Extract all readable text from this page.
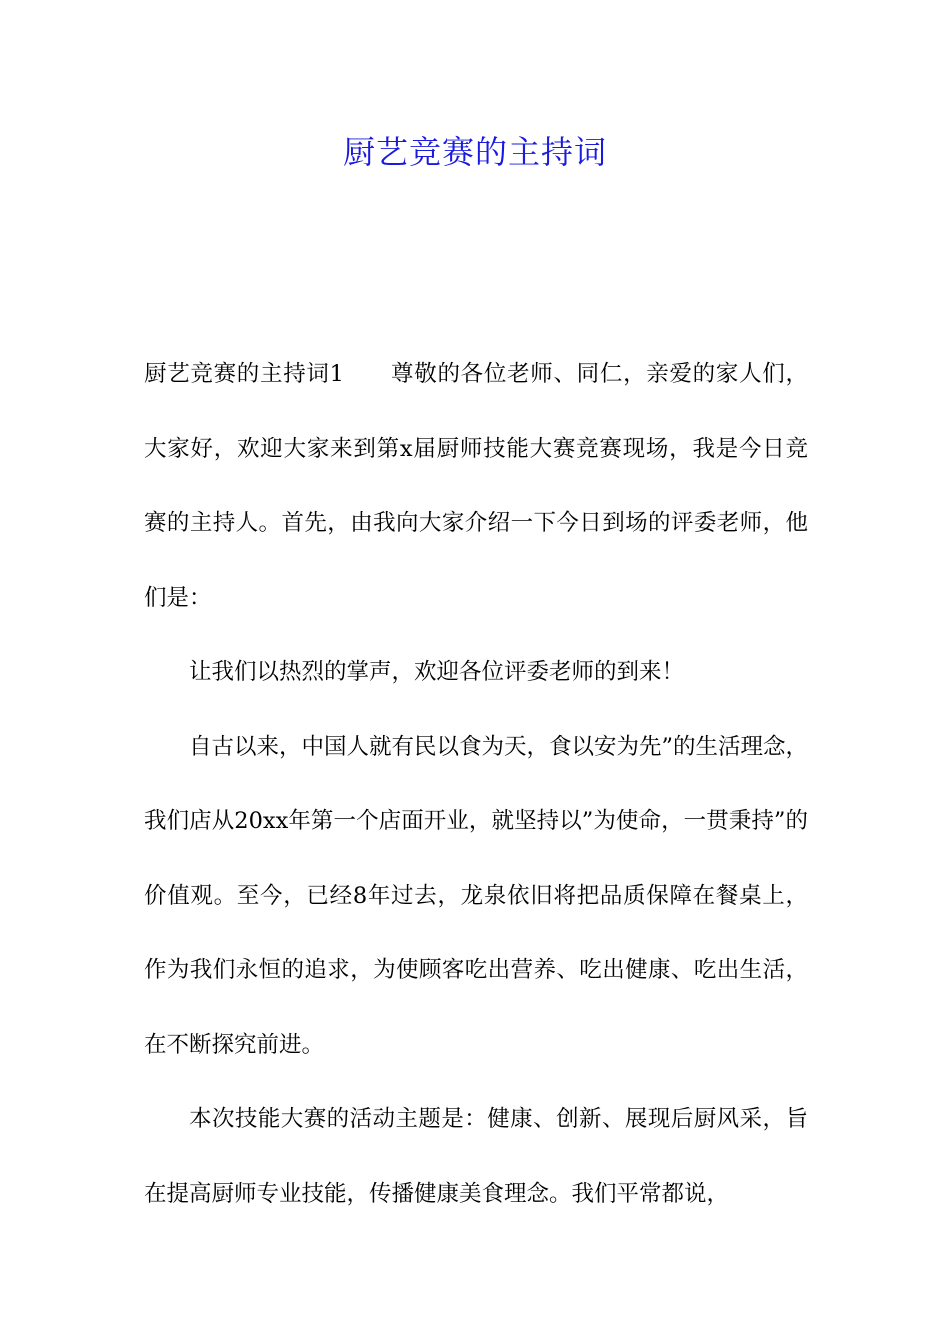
厨艺竞赛的主持词

厨艺竞赛的主持词1　　尊敬的各位老师、同仁，亲爱的家人们，大家好，欢迎大家来到第x届厨师技能大赛竞赛现场，我是今日竞赛的主持人。首先，由我向大家介绍一下今日到场的评委老师，他们是：

让我们以热烈的掌声，欢迎各位评委老师的到来！

自古以来，中国人就有民以食为天，食以安为先”的生活理念，我们店从20xx年第一个店面开业，就坚持以”为使命，一贯秉持”的价值观。至今，已经8年过去，龙泉依旧将把品质保障在餐桌上，作为我们永恒的追求，为使顾客吃出营养、吃出健康、吃出生活，在不断探究前进。

本次技能大赛的活动主题是：健康、创新、展现后厨风采，旨在提高厨师专业技能，传播健康美食理念。我们平常都说，
